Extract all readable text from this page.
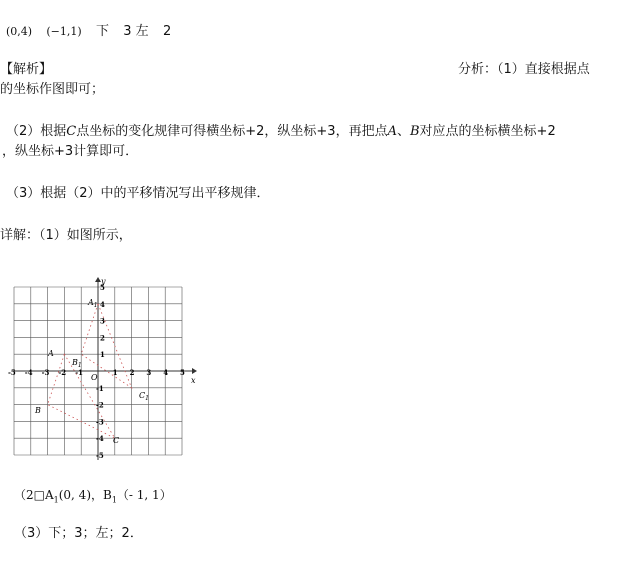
(0,4) (−1,1) 下 3 左 2
【解析】	分析：（1）直接根据点
的坐标作图即可；
（2）根据C点坐标的变化规律可得横坐标+2，纵坐标+3，再把点A、B对应点的坐标横坐标+2
，纵坐标+3计算即可．
（3）根据（2）中的平移情况写出平移规律．
详解：（1）如图所示，
-5 -4 -3 -2 -1	1 2 3 4 5
5
4
3
2
1
-1
-2
-3
-4
-5
x
y
O
A
B
C
$A_1$
$B_1$
$C_1$
（$2□A_1(0$, 4)，$B_1(-$ 1, 1）
（3）下；3；左；2．
